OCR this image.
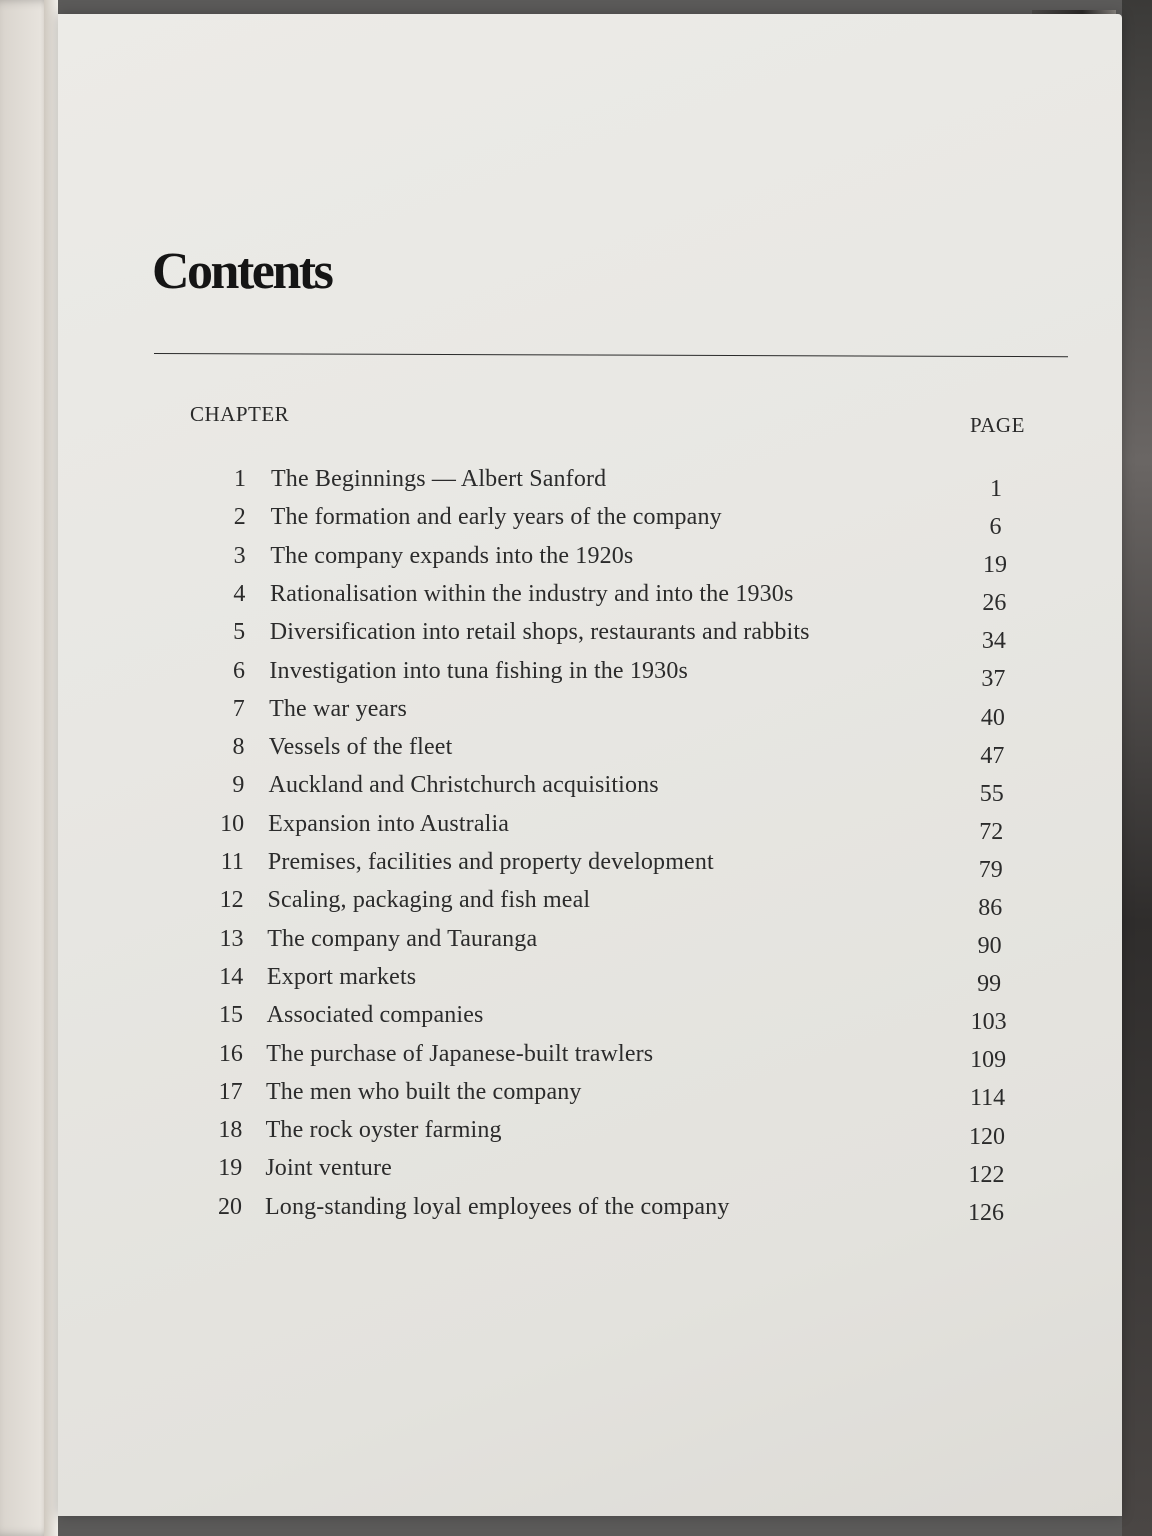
Contents
CHAPTER	PAGE
1 The Beginnings — Albert Sanford	1
2 The formation and early years of the company	6
3 The company expands into the 1920s	19
4 Rationalisation within the industry and into the 1930s	26
5 Diversification into retail shops, restaurants and rabbits	34
6 Investigation into tuna fishing in the 1930s	37
7 The war years	40
8 Vessels of the fleet	47
9 Auckland and Christchurch acquisitions	55
10 Expansion into Australia	72
11 Premises, facilities and property development	79
12 Scaling, packaging and fish meal	86
13 The company and Tauranga	90
14 Export markets	99
15 Associated companies	103
16 The purchase of Japanese-built trawlers	109
17 The men who built the company	114
18 The rock oyster farming	120
19 Joint venture	122
20 Long-standing loyal employees of the company	126
